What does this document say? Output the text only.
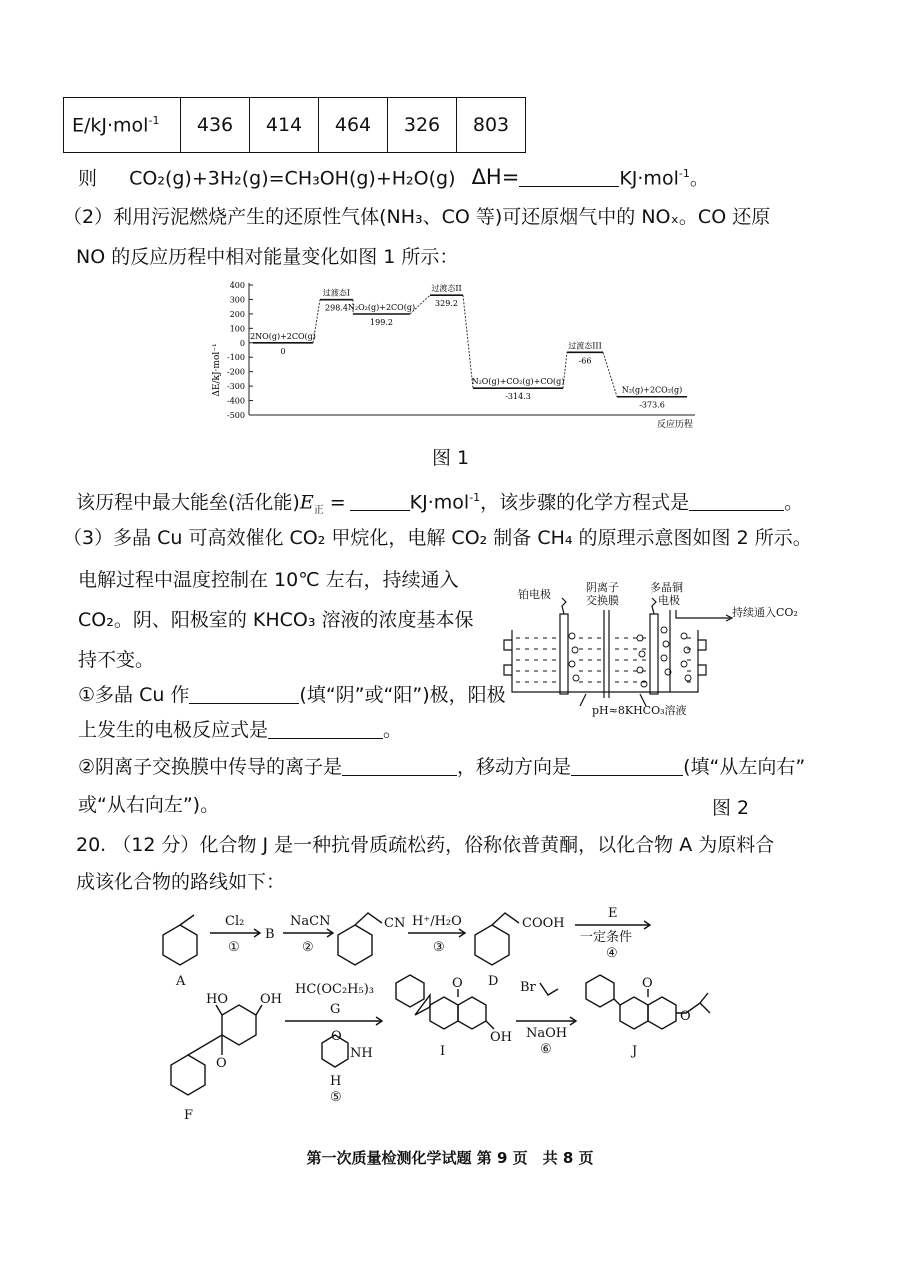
E/kJ·mol$^{-1}$	436	414	464	326	803
则 CO₂(g)+3H₂(g)=CH₃OH(g)+H₂O(g) ΔH=	KJ·mol$^{-1}$。
（2）利用污泥燃烧产生的还原性气体(NH₃、CO 等)可还原烟气中的 NOₓ。CO 还原
NO 的反应历程中相对能量变化如图 1 所示：
ΔE/kJ·mol⁻¹
400
300
200
100
0
-100
-200
-300
-400
-500
2NO(g)+2CO(g)
0
过渡态I
298.4 N₂O₂(g)+2CO(g)
199.2
过渡态II
329.2
N₂O(g)+CO₂(g)+CO(g)
-314.3
过渡态III
-66
N₂(g)+2CO₂(g)
-373.6
反应历程
图 1
该历程中最大能垒(活化能)$E_正$ =	KJ·mol$^{-1}$，该步骤的化学方程式是	。
（3）多晶 Cu 可高效催化 CO₂ 甲烷化，电解 CO₂ 制备 CH₄ 的原理示意图如图 2 所示。
电解过程中温度控制在 10℃ 左右，持续通入
CO₂。阴、阳极室的 KHCO₃ 溶液的浓度基本保
持不变。
①多晶 Cu 作	(填“阴”或“阳”)极，阳极
上发生的电极反应式是	。
②阴离子交换膜中传导的离子是	，移动方向是	(填“从左向右”
或“从右向左”)。	图 2
铂电极
阴离子
交换膜
多晶铜
电极
持续通入CO₂
pH≈8KHCO₃溶液
20. （12 分）化合物 J 是一种抗骨质疏松药，俗称依普黄酮，以化合物 A 为原料合
成该化合物的路线如下：
A
Cl₂
①
B
NaCN
②
CN H⁺/H₂O
③
COOH
D
E
一定条件
④
HO OH
O
F
HC(OC₂H₅)₃
G
NH
O
H
⑤
O
OH
I
Br
NaOH
⑥
O
O
J
第一次质量检测化学试题 第 9 页　共 8 页
